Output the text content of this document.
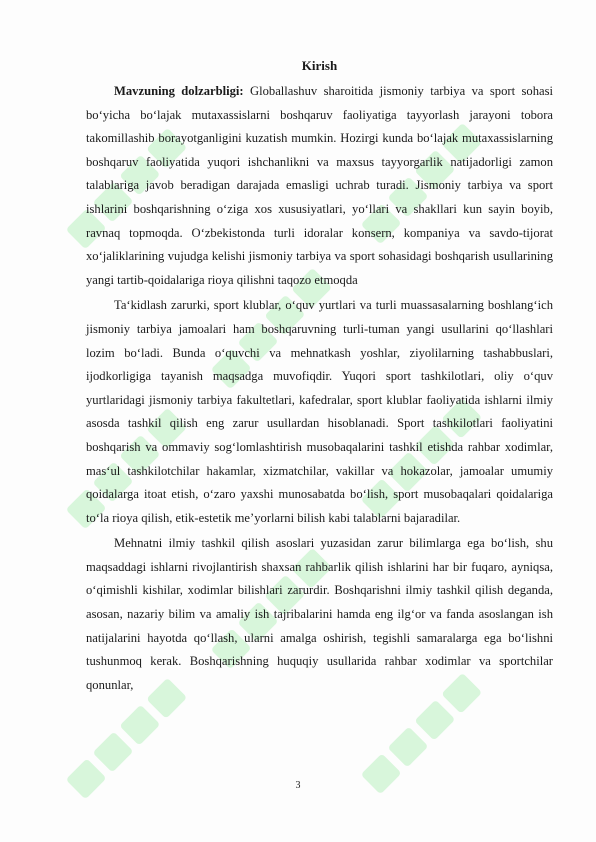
Kirish

Mavzuning dolzarbligi: Globallashuv sharoitida jismoniy tarbiya va sport sohasi bo‘yicha bo‘lajak mutaxassislarni boshqaruv faoliyatiga tayyorlash jarayoni tobora takomillashib borayotganligini kuzatish mumkin. Hozirgi kunda bo‘lajak mutaxassislarning boshqaruv faoliyatida yuqori ishchanlikni va maxsus tayyorgarlik natijadorligi zamon talablariga javob beradigan darajada emasligi uchrab turadi. Jismoniy tarbiya va sport ishlarini boshqarishning o‘ziga xos xususiyatlari, yo‘llari va shakllari kun sayin boyib, ravnaq topmoqda. O‘zbekistonda turli idoralar konsern, kompaniya va savdo-tijorat xo‘jaliklarining vujudga kelishi jismoniy tarbiya va sport sohasidagi boshqarish usullarining yangi tartib-qoidalariga rioya qilishni taqozo etmoqda

Ta‘kidlash zarurki, sport klublar, o‘quv yurtlari va turli muassasalarning boshlang‘ich jismoniy tarbiya jamoalari ham boshqaruvning turli-tuman yangi usullarini qo‘llashlari lozim bo‘ladi. Bunda o‘quvchi va mehnatkash yoshlar, ziyolilarning tashabbuslari, ijodkorligiga tayanish maqsadga muvofiqdir. Yuqori sport tashkilotlari, oliy o‘quv yurtlaridagi jismoniy tarbiya fakultetlari, kafedralar, sport klublar faoliyatida ishlarni ilmiy asosda tashkil qilish eng zarur usullardan hisoblanadi. Sport tashkilotlari faoliyatini boshqarish va ommaviy sog‘lomlashtirish musobaqalarini tashkil etishda rahbar xodimlar, mas‘ul tashkilotchilar hakamlar, xizmatchilar, vakillar va hokazolar, jamoalar umumiy qoidalarga itoat etish, o‘zaro yaxshi munosabatda bo‘lish, sport musobaqalari qoidalariga to‘la rioya qilish, etik-estetik me’yorlarni bilish kabi talablarni bajaradilar.

Mehnatni ilmiy tashkil qilish asoslari yuzasidan zarur bilimlarga ega bo‘lish, shu maqsaddagi ishlarni rivojlantirish shaxsan rahbarlik qilish ishlarini har bir fuqaro, ayniqsa, o‘qimishli kishilar, xodimlar bilishlari zarurdir. Boshqarishni ilmiy tashkil qilish deganda, asosan, nazariy bilim va amaliy ish tajribalarini hamda eng ilg‘or va fanda asoslangan ish natijalarini hayotda qo‘llash, ularni amalga oshirish, tegishli samaralarga ega bo‘lishni tushunmoq kerak. Boshqarishning huquqiy usullarida rahbar xodimlar va sportchilar qonunlar,

3
